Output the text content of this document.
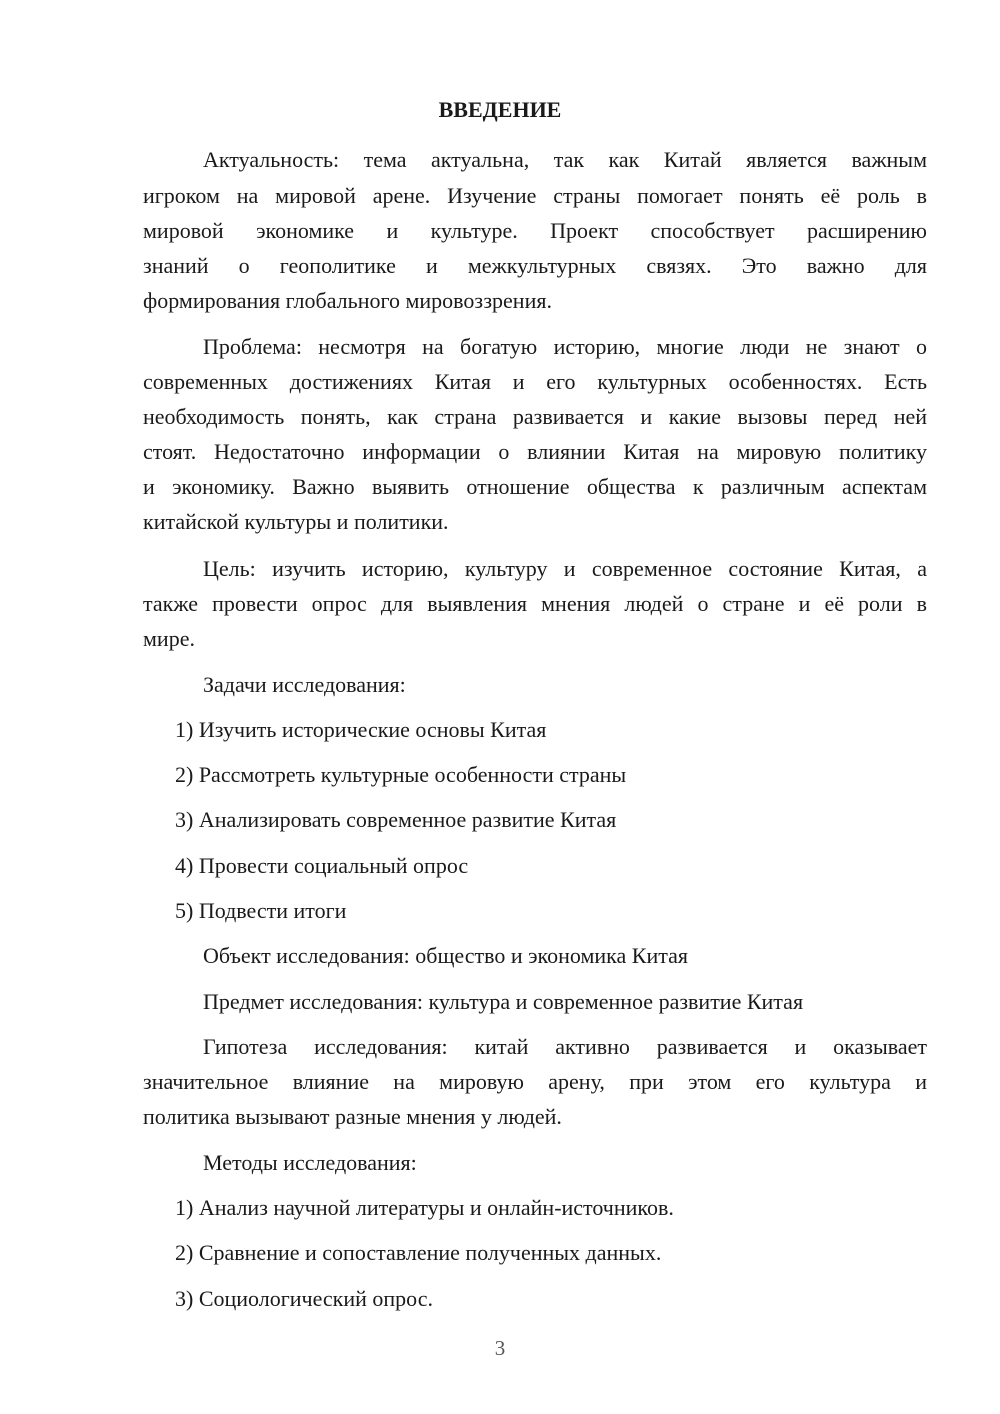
ВВЕДЕНИЕ
Актуальность: тема актуальна, так как Китай является важным
игроком на мировой арене. Изучение страны помогает понять её роль в
мировой экономике и культуре. Проект способствует расширению
знаний о геополитике и межкультурных связях. Это важно для
формирования глобального мировоззрения.
Проблема: несмотря на богатую историю, многие люди не знают о
современных достижениях Китая и его культурных особенностях. Есть
необходимость понять, как страна развивается и какие вызовы перед ней
стоят. Недостаточно информации о влиянии Китая на мировую политику
и экономику. Важно выявить отношение общества к различным аспектам
китайской культуры и политики.
Цель: изучить историю, культуру и современное состояние Китая, а
также провести опрос для выявления мнения людей о стране и её роли в
мире.
Задачи исследования:
1) Изучить исторические основы Китая
2) Рассмотреть культурные особенности страны
3) Анализировать современное развитие Китая
4) Провести социальный опрос
5) Подвести итоги
Объект исследования: общество и экономика Китая
Предмет исследования: культура и современное развитие Китая
Гипотеза исследования: китай активно развивается и оказывает
значительное влияние на мировую арену, при этом его культура и
политика вызывают разные мнения у людей.
Методы исследования:
1) Анализ научной литературы и онлайн-источников.
2) Сравнение и сопоставление полученных данных.
3) Социологический опрос.
3
